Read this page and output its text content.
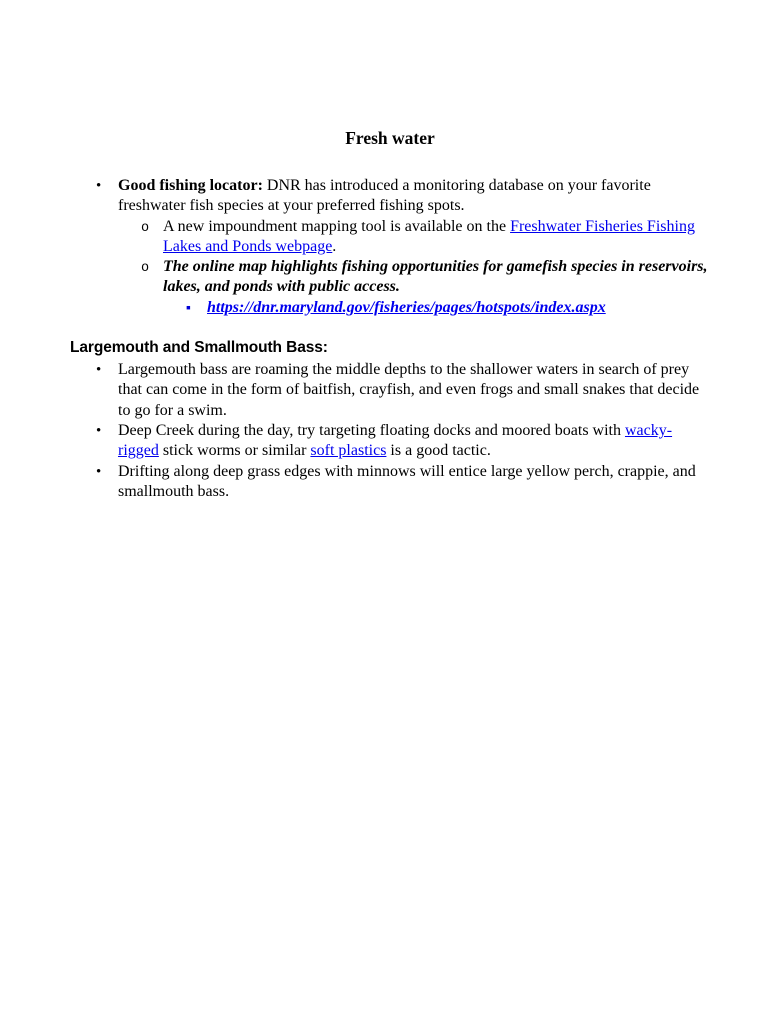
Fresh water
•	Good fishing locator: DNR has introduced a monitoring database on your favorite freshwater fish species at your preferred fishing spots.
o A new impoundment mapping tool is available on the Freshwater Fisheries Fishing Lakes and Ponds webpage.
o The online map highlights fishing opportunities for gamefish species in reservoirs, lakes, and ponds with public access.
▪	https://dnr.maryland.gov/fisheries/pages/hotspots/index.aspx
Largemouth and Smallmouth Bass:
•	Largemouth bass are roaming the middle depths to the shallower waters in search of prey that can come in the form of baitfish, crayfish, and even frogs and small snakes that decide to go for a swim.
•	Deep Creek during the day, try targeting floating docks and moored boats with wacky-rigged stick worms or similar soft plastics is a good tactic.
•	Drifting along deep grass edges with minnows will entice large yellow perch, crappie, and smallmouth bass.
